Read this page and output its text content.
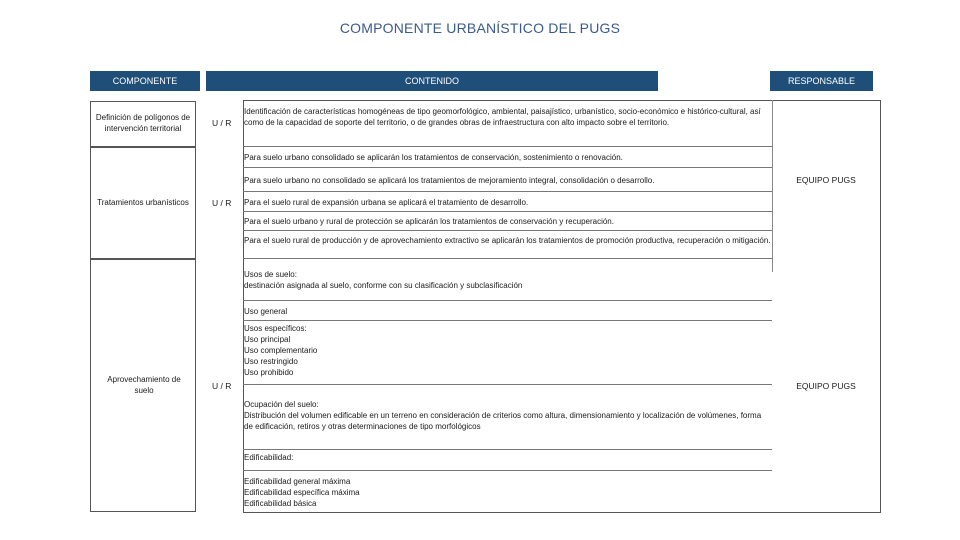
COMPONENTE URBANÍSTICO DEL PUGS
COMPONENTE	CONTENIDO	RESPONSABLE
Definición de polígonos de intervención territorial
Tratamientos urbanísticos
Aprovechamiento de suelo
U / R
U / R
U / R
Identificación de características homogéneas de tipo geomorfológico, ambiental, paisajístico, urbanístico, socio-económico e histórico-cultural, así como de la capacidad de soporte del territorio, o de grandes obras de infraestructura con alto impacto sobre el territorio.
Para suelo urbano consolidado se aplicarán los tratamientos de conservación, sostenimiento o renovación.
Para suelo urbano no consolidado se aplicará los tratamientos de mejoramiento integral, consolidación o desarrollo.
Para el suelo rural de expansión urbana se aplicará el tratamiento de desarrollo.
Para el suelo urbano y rural de protección se aplicarán los tratamientos de conservación y recuperación.
Para el suelo rural de producción y de aprovechamiento extractivo se aplicarán los tratamientos de promoción productiva, recuperación o mitigación.
Usos de suelo:
destinación asignada al suelo, conforme con su clasificación y subclasificación
Uso general
Usos específicos:
Uso principal
Uso complementario
Uso restringido
Uso prohibido
Ocupación del suelo:
Distribución del volumen edificable en un terreno en consideración de criterios como altura, dimensionamiento y localización de volúmenes, forma de edificación, retiros y otras determinaciones de tipo morfológicos
Edificabilidad:
Edificabilidad general máxima
Edificabilidad específica máxima
Edificabilidad básica
EQUIPO PUGS
EQUIPO PUGS
